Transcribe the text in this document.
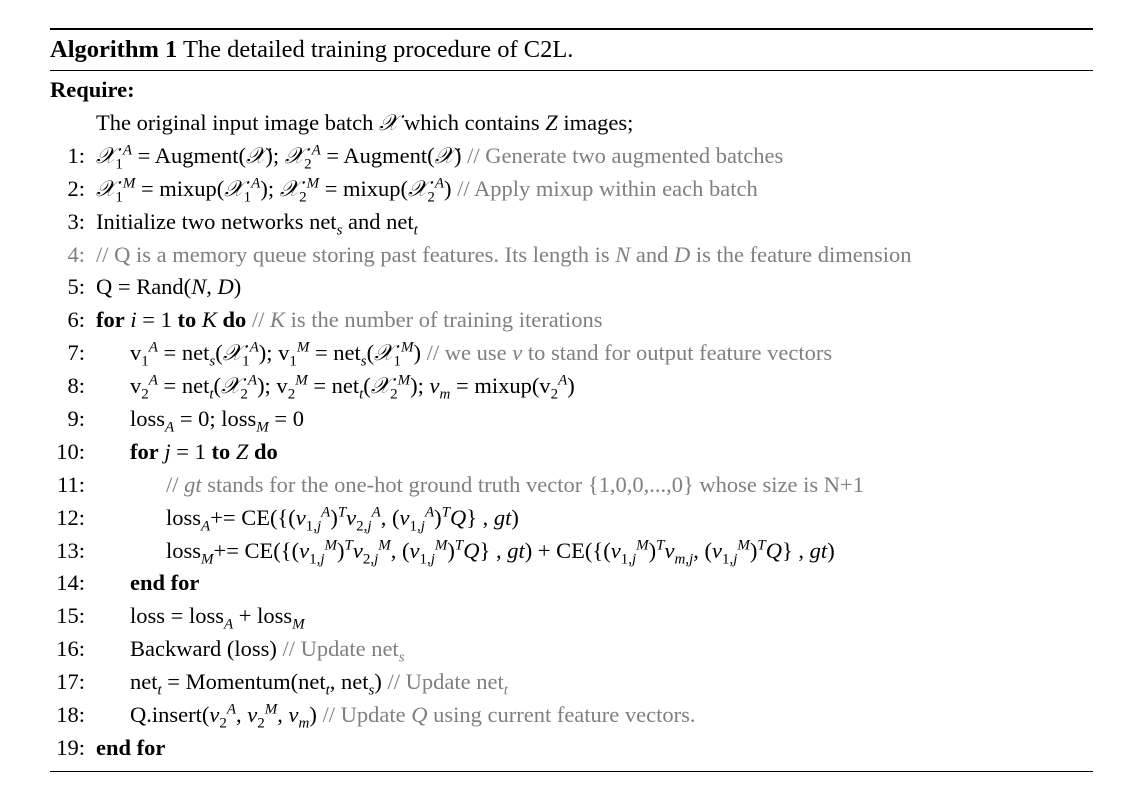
Algorithm 1 The detailed training procedure of C2L.
Require:
The original input image batch 𝒳 which contains Z images;
1: 𝒳$_1^A$ = Augment(𝒳); 𝒳$_2^A$ = Augment(𝒳) // Generate two augmented batches
2: 𝒳$_1^M$ = mixup(𝒳$_1^A$); 𝒳$_2^M$ = mixup(𝒳$_2^A$) // Apply mixup within each batch
3: Initialize two networks net$_s$ and net$_t$
4: // Q is a memory queue storing past features. Its length is N and D is the feature dimension
5: Q = Rand(N, D)
6: for i = 1 to K do // K is the number of training iterations
7: $v_1^A$ = net$_s$(𝒳$_1^A$); $v_1^M$ = net$_s$(𝒳$_1^M$) // we use v to stand for output feature vectors
8: $v_2^A$ = net$_t$(𝒳$_2^A$); $v_2^M$ = net$_t$(𝒳$_2^M$); $v_m$ = $mixup(v_2^A)$
9: loss$_A$ = 0; loss$_M$ = 0
10: for j = 1 to Z do
11:	// gt stands for the one-hot ground truth vector {1,0,0,...,0} whose size is N+1
12:	loss$_A$+= $CE(\{(v_{1,j}^A)^Tv_{2,j}^A$, $(v_{1,j}^A)^TQ$} , gt)
13:	loss$_M$+= $CE(\{(v_{1,j}^M)^Tv_{2,j}^M$, $(v_{1,j}^M)^TQ$} , $gt) + CE(\{(v_{1,j}^M)^Tv_{m,j}$, $(v_{1,j}^M)^TQ$} , gt)
14: end for
15: loss = loss$_A$ + loss$_M$
16: Backward (loss) // Update net$_s$
17: net$_t$ = Momentum(net$_t$, net$_s$) // Update net$_t$
18: $Q.insert(v_2^A$, $v_2^M$, $v_m$) // Update Q using current feature vectors.
19: end for
